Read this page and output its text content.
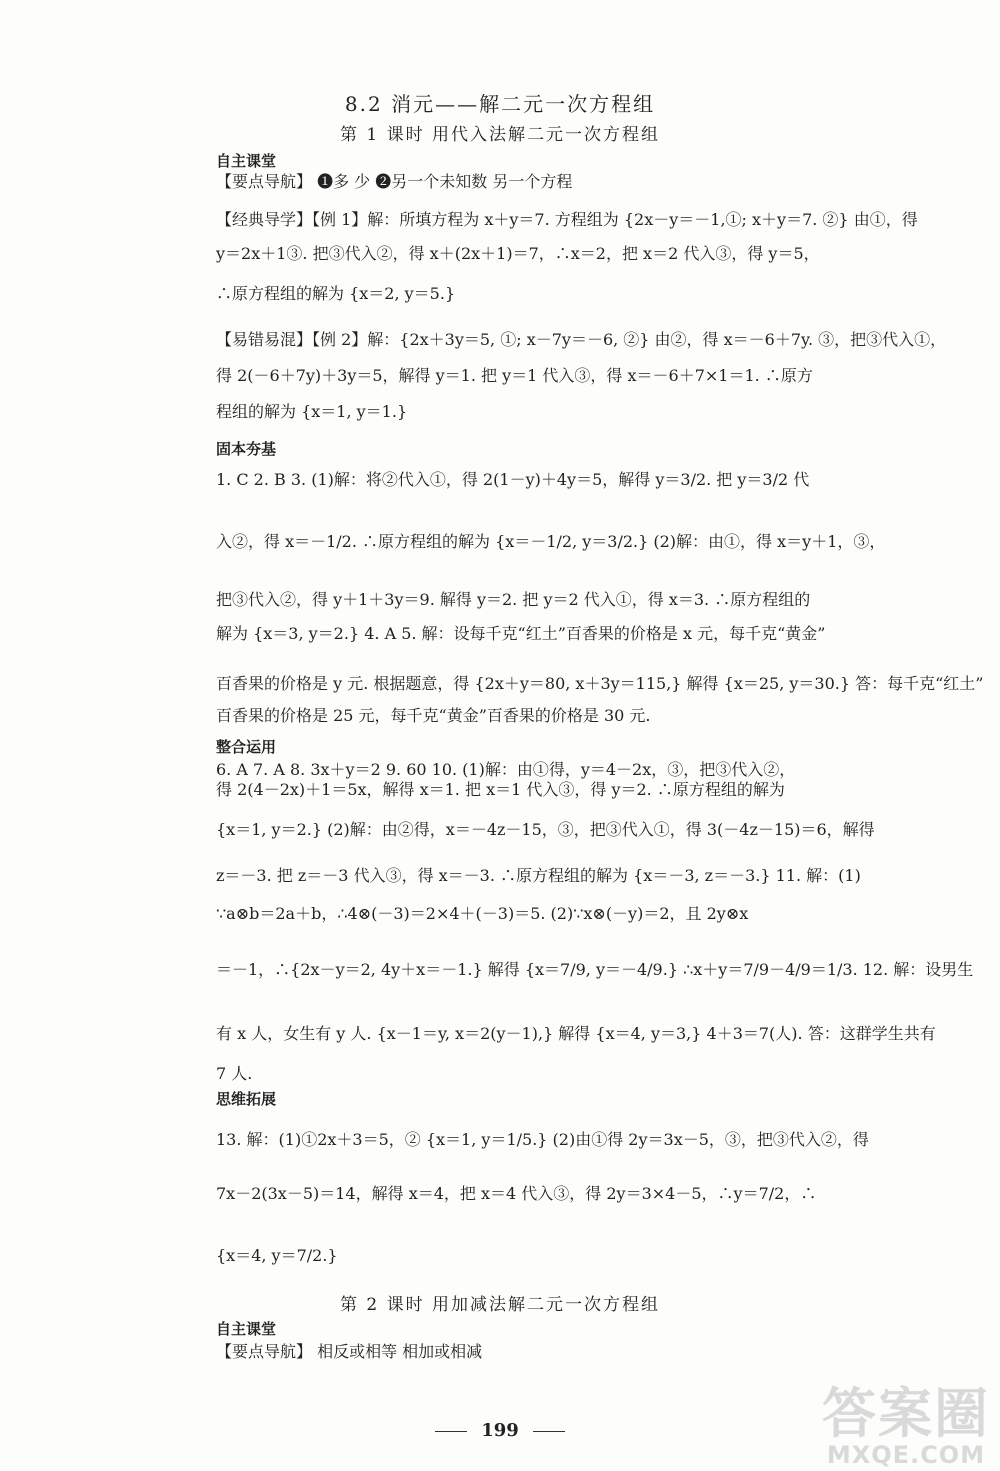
8.2 消元——解二元一次方程组
第 1 课时 用代入法解二元一次方程组
自主课堂
【要点导航】 ❶多 少 ❷另一个未知数 另一个方程
【经典导学】【例 1】解：所填方程为 x＋y＝7. 方程组为 {2x－y＝－1,①; x＋y＝7. ②} 由①，得
y＝2x＋1③. 把③代入②，得 x＋(2x＋1)＝7，∴x＝2，把 x＝2 代入③，得 y＝5，
∴原方程组的解为 {x＝2, y＝5.}
【易错易混】【例 2】解：{2x＋3y＝5, ①; x－7y＝－6, ②} 由②，得 x＝－6＋7y. ③，把③代入①，
得 2(－6＋7y)＋3y＝5，解得 y＝1. 把 y＝1 代入③，得 x＝－6＋7×1＝1. ∴原方
程组的解为 {x＝1, y＝1.}
固本夯基
1. C 2. B 3. (1)解：将②代入①，得 2(1－y)＋4y＝5，解得 y＝3/2. 把 y＝3/2 代
入②，得 x＝－1/2. ∴原方程组的解为 {x＝－1/2, y＝3/2.} (2)解：由①，得 x＝y＋1，③，
把③代入②，得 y＋1＋3y＝9. 解得 y＝2. 把 y＝2 代入①，得 x＝3. ∴原方程组的
解为 {x＝3, y＝2.} 4. A 5. 解：设每千克“红土”百香果的价格是 x 元，每千克“黄金”
百香果的价格是 y 元. 根据题意，得 {2x＋y＝80, x＋3y＝115,} 解得 {x＝25, y＝30.} 答：每千克“红土”
百香果的价格是 25 元，每千克“黄金”百香果的价格是 30 元.
整合运用
6. A 7. A 8. 3x＋y＝2 9. 60 10. (1)解：由①得，y＝4－2x，③，把③代入②，
得 2(4－2x)＋1＝5x，解得 x＝1. 把 x＝1 代入③，得 y＝2. ∴原方程组的解为
{x＝1, y＝2.} (2)解：由②得，x＝－4z－15，③，把③代入①，得 3(－4z－15)＝6，解得
z＝－3. 把 z＝－3 代入③，得 x＝－3. ∴原方程组的解为 {x＝－3, z＝－3.} 11. 解：(1)
∵a⊗b＝2a＋b，∴4⊗(－3)＝2×4＋(－3)＝5. (2)∵x⊗(－y)＝2，且 2y⊗x
＝－1，∴{2x－y＝2, 4y＋x＝－1.} 解得 {x＝7/9, y＝－4/9.} ∴x＋y＝7/9－4/9＝1/3. 12. 解：设男生
有 x 人，女生有 y 人. {x－1＝y, x＝2(y－1),} 解得 {x＝4, y＝3,} 4＋3＝7(人). 答：这群学生共有
7 人.
思维拓展
13. 解：(1)①2x＋3＝5，② {x＝1, y＝1/5.} (2)由①得 2y＝3x－5，③，把③代入②，得
7x－2(3x－5)＝14，解得 x＝4，把 x＝4 代入③，得 2y＝3×4－5，∴y＝7/2，∴
{x＝4, y＝7/2.}
第 2 课时 用加减法解二元一次方程组
自主课堂
【要点导航】 相反或相等 相加或相减
199	答案圈
MXQE.COM
